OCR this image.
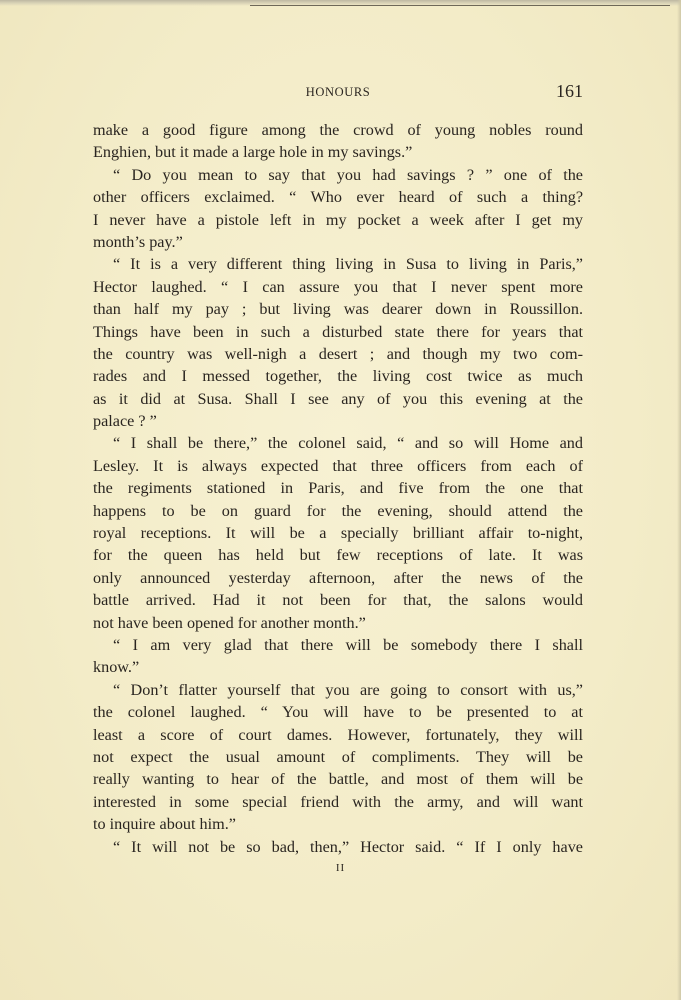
HONOURS	161
make a good figure among the crowd of young nobles round
Enghien, but it made a large hole in my savings.”
“ Do you mean to say that you had savings ? ” one of the
other officers exclaimed. “ Who ever heard of such a thing?
I never have a pistole left in my pocket a week after I get my
month’s pay.”
“ It is a very different thing living in Susa to living in Paris,”
Hector laughed. “ I can assure you that I never spent more
than half my pay ; but living was dearer down in Roussillon.
Things have been in such a disturbed state there for years that
the country was well-nigh a desert ; and though my two com-
rades and I messed together, the living cost twice as much
as it did at Susa. Shall I see any of you this evening at the
palace ? ”
“ I shall be there,” the colonel said, “ and so will Home and
Lesley. It is always expected that three officers from each of
the regiments stationed in Paris, and five from the one that
happens to be on guard for the evening, should attend the
royal receptions. It will be a specially brilliant affair to-night,
for the queen has held but few receptions of late. It was
only announced yesterday afternoon, after the news of the
battle arrived. Had it not been for that, the salons would
not have been opened for another month.”
“ I am very glad that there will be somebody there I shall
know.”
“ Don’t flatter yourself that you are going to consort with us,”
the colonel laughed. “ You will have to be presented to at
least a score of court dames. However, fortunately, they will
not expect the usual amount of compliments. They will be
really wanting to hear of the battle, and most of them will be
interested in some special friend with the army, and will want
to inquire about him.”
“ It will not be so bad, then,” Hector said. “ If I only have
II
